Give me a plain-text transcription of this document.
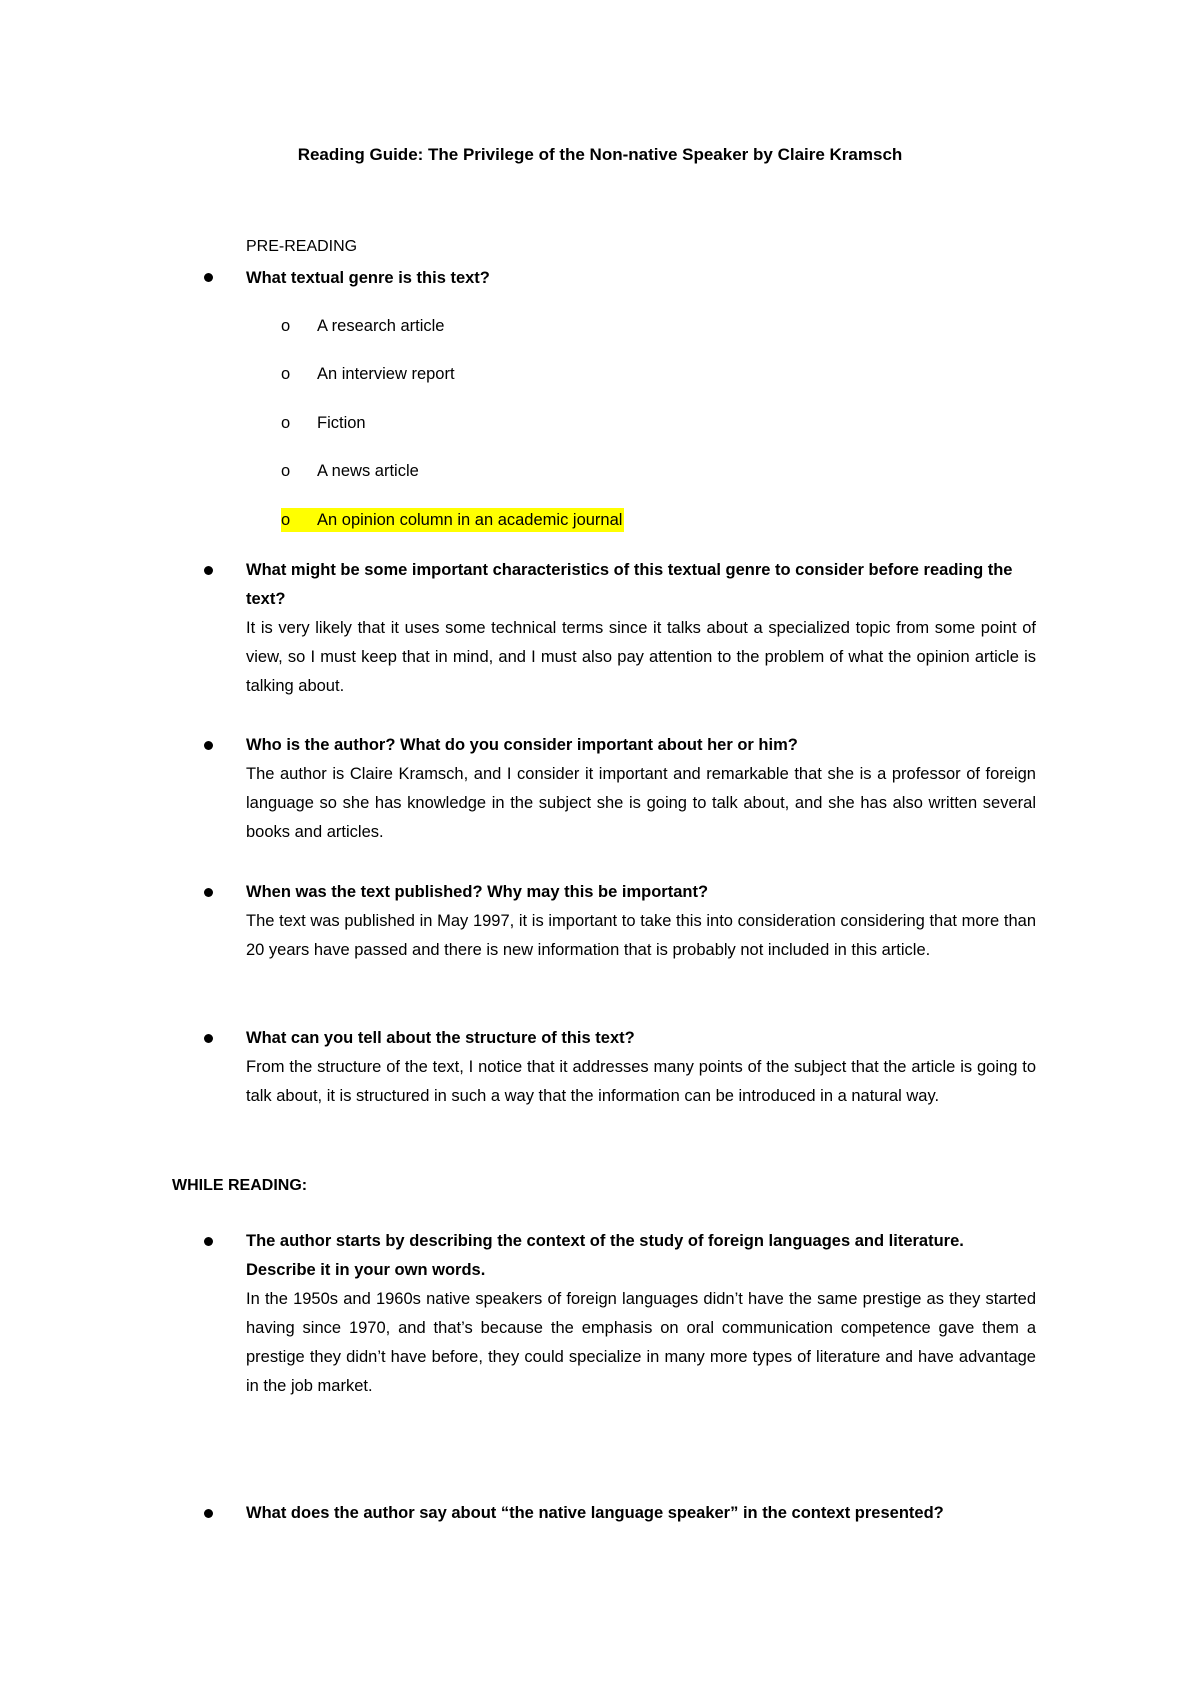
Reading Guide: The Privilege of the Non-native Speaker by Claire Kramsch
PRE-READING
What textual genre is this text?
o A research article
o An interview report
o Fiction
o A news article
o An opinion column in an academic journal
What might be some important characteristics of this textual genre to consider before reading the text?
It is very likely that it uses some technical terms since it talks about a specialized topic from some point of view, so I must keep that in mind, and I must also pay attention to the problem of what the opinion article is talking about.
Who is the author? What do you consider important about her or him?
The author is Claire Kramsch, and I consider it important and remarkable that she is a professor of foreign language so she has knowledge in the subject she is going to talk about, and she has also written several books and articles.
When was the text published? Why may this be important?
The text was published in May 1997, it is important to take this into consideration considering that more than 20 years have passed and there is new information that is probably not included in this article.
What can you tell about the structure of this text?
From the structure of the text, I notice that it addresses many points of the subject that the article is going to talk about, it is structured in such a way that the information can be introduced in a natural way.
WHILE READING:
The author starts by describing the context of the study of foreign languages and literature. Describe it in your own words.
In the 1950s and 1960s native speakers of foreign languages didn’t have the same prestige as they started having since 1970, and that’s because the emphasis on oral communication competence gave them a prestige they didn’t have before, they could specialize in many more types of literature and have advantage in the job market.
What does the author say about “the native language speaker” in the context presented?
